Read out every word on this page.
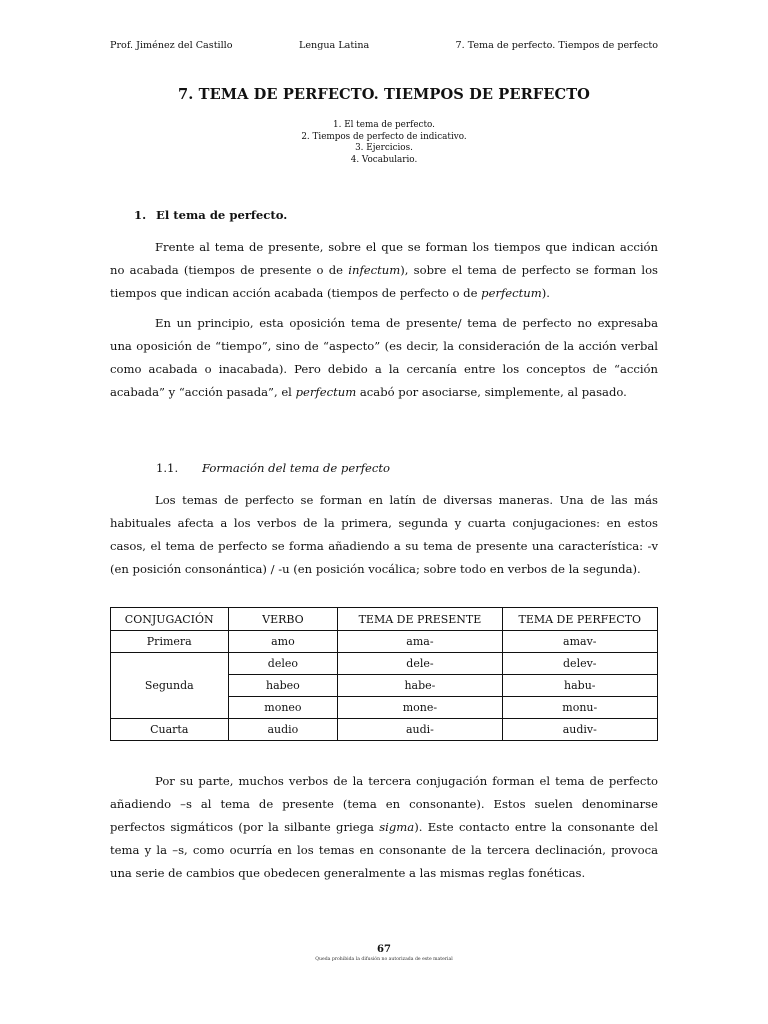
Prof. Jiménez del Castillo	Lengua Latina	7. Tema de perfecto. Tiempos de perfecto
7. TEMA DE PERFECTO. TIEMPOS DE PERFECTO
1. El tema de perfecto.
2. Tiempos de perfecto de indicativo.
3. Ejercicios.
4. Vocabulario.
1. El tema de perfecto.

Frente al tema de presente, sobre el que se forman los tiempos que indican acción no acabada (tiempos de presente o de infectum), sobre el tema de perfecto se forman los tiempos que indican acción acabada (tiempos de perfecto o de perfectum).

En un principio, esta oposición tema de presente/ tema de perfecto no expresaba una oposición de “tiempo”, sino de “aspecto” (es decir, la consideración de la acción verbal como acabada o inacabada). Pero debido a la cercanía entre los conceptos de “acción acabada” y “acción pasada”, el perfectum acabó por asociarse, simplemente, al pasado.

1.1. Formación del tema de perfecto

Los temas de perfecto se forman en latín de diversas maneras. Una de las más habituales afecta a los verbos de la primera, segunda y cuarta conjugaciones: en estos casos, el tema de perfecto se forma añadiendo a su tema de presente una característica: -v (en posición consonántica) / -u (en posición vocálica; sobre todo en verbos de la segunda).

CONJUGACIÓN	VERBO	TEMA DE PRESENTE	TEMA DE PERFECTO
Primera	amo	ama-	amav-
Segunda	deleo	dele-	delev-
	habeo	habe-	habu-
	moneo	mone-	monu-
Cuarta	audio	audi-	audiv-

Por su parte, muchos verbos de la tercera conjugación forman el tema de perfecto añadiendo –s al tema de presente (tema en consonante). Estos suelen denominarse perfectos sigmáticos (por la silbante griega sigma). Este contacto entre la consonante del tema y la –s, como ocurría en los temas en consonante de la tercera declinación, provoca una serie de cambios que obedecen generalmente a las mismas reglas fonéticas.

67
Queda prohibida la difusión no autorizada de este material
